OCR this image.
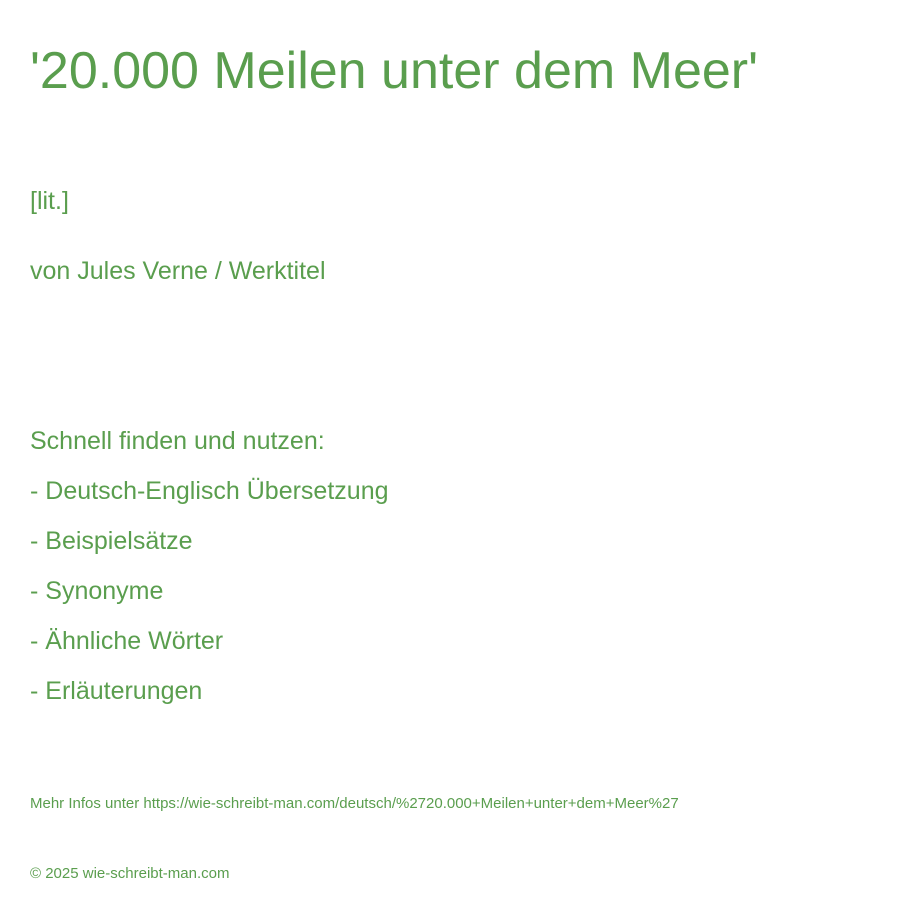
'20.000 Meilen unter dem Meer'
[lit.]
von Jules Verne / Werktitel
Schnell finden und nutzen:
- Deutsch-Englisch Übersetzung
- Beispielsätze
- Synonyme
- Ähnliche Wörter
- Erläuterungen
Mehr Infos unter https://wie-schreibt-man.com/deutsch/%2720.000+Meilen+unter+dem+Meer%27
© 2025 wie-schreibt-man.com
